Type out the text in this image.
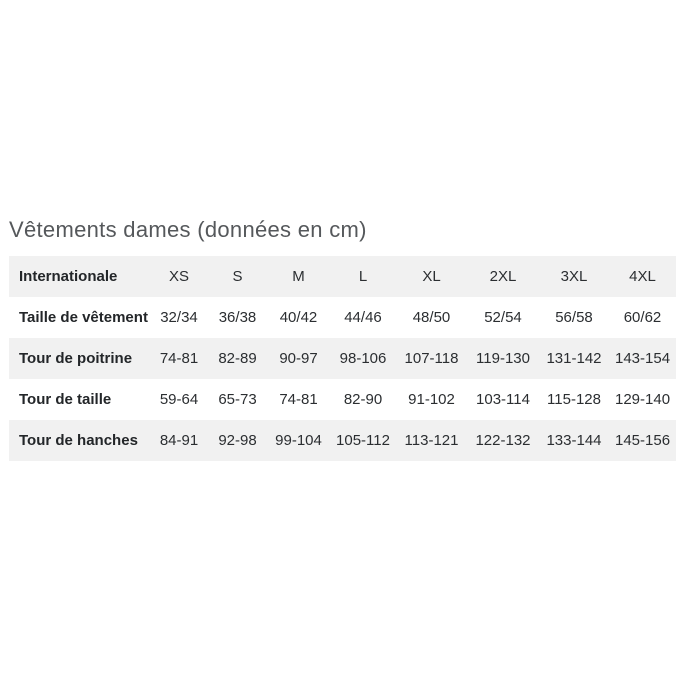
Vêtements dames (données en cm)
Internationale	XS	S	M	L	XL	2XL	3XL	4XL
Taille de vêtement	32/34	36/38	40/42	44/46	48/50	52/54	56/58	60/62
Tour de poitrine	74-81	82-89	90-97	98-106	107-118	119-130	131-142	143-154
Tour de taille	59-64	65-73	74-81	82-90	91-102	103-114	115-128	129-140
Tour de hanches	84-91	92-98	99-104	105-112	113-121	122-132	133-144	145-156
